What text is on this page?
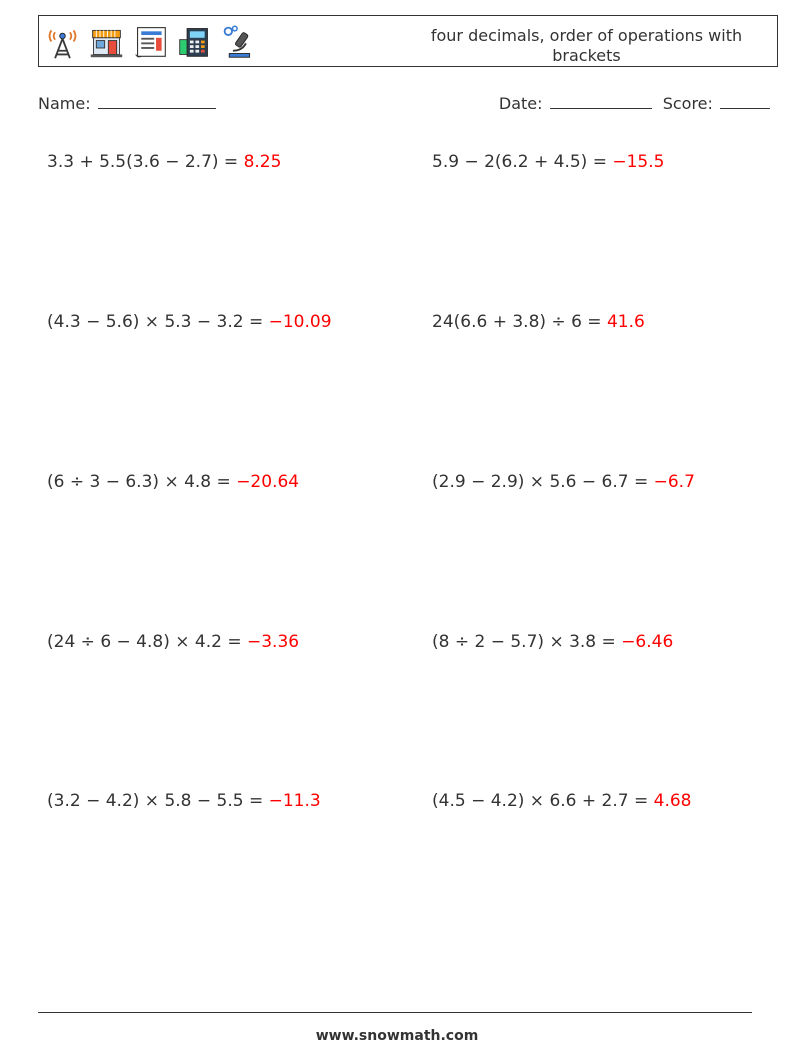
four decimals, order of operations with brackets
Name:	Date:	Score:
3.3 + 5.5(3.6 − 2.7) = 8.25	5.9 − 2(6.2 + 4.5) = −15.5
(4.3 − 5.6) × 5.3 − 3.2 = −10.09	24(6.6 + 3.8) ÷ 6 = 41.6
(6 ÷ 3 − 6.3) × 4.8 = −20.64	(2.9 − 2.9) × 5.6 − 6.7 = −6.7
(24 ÷ 6 − 4.8) × 4.2 = −3.36	(8 ÷ 2 − 5.7) × 3.8 = −6.46
(3.2 − 4.2) × 5.8 − 5.5 = −11.3	(4.5 − 4.2) × 6.6 + 2.7 = 4.68
www.snowmath.com
